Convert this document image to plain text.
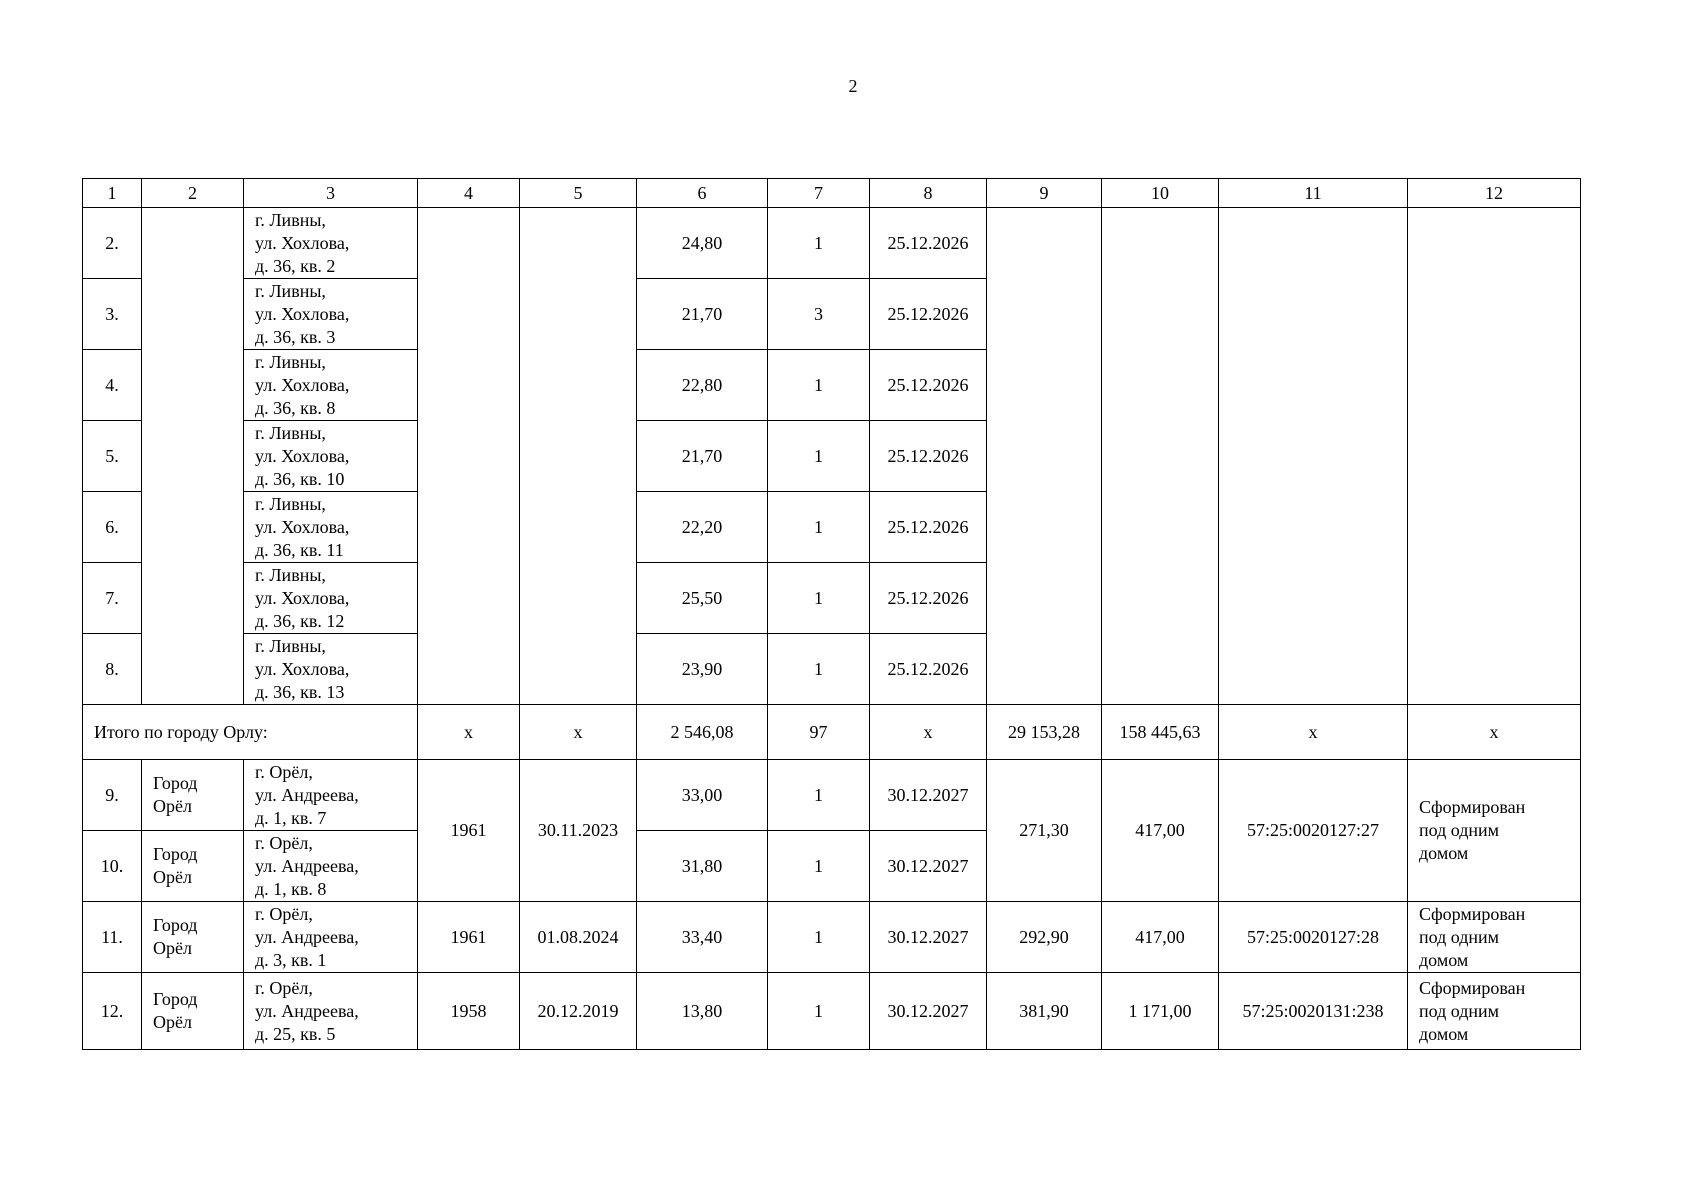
2
1	2	3	4	5	6	7	8	9	10	11	12
2.		г. Ливны,
ул. Хохлова,
д. 36, кв. 2			24,80	1	25.12.2026				
3.		г. Ливны,
ул. Хохлова,
д. 36, кв. 3			21,70	3	25.12.2026				
4.		г. Ливны,
ул. Хохлова,
д. 36, кв. 8			22,80	1	25.12.2026				
5.		г. Ливны,
ул. Хохлова,
д. 36, кв. 10			21,70	1	25.12.2026				
6.		г. Ливны,
ул. Хохлова,
д. 36, кв. 11			22,20	1	25.12.2026				
7.		г. Ливны,
ул. Хохлова,
д. 36, кв. 12			25,50	1	25.12.2026				
8.		г. Ливны,
ул. Хохлова,
д. 36, кв. 13			23,90	1	25.12.2026				
Итого по городу Орлу:			х	х	2 546,08	97	х	29 153,28	158 445,63	х	х
9.	Город
Орёл	г. Орёл,
ул. Андреева,
д. 1, кв. 7	1961	30.11.2023	33,00	1	30.12.2027	271,30	417,00	57:25:0020127:27	Сформирован
под одним
домом

10.	Город
Орёл	г. Орёл,
ул. Андреева,
д. 1, кв. 8			31,80	1	30.12.2027				
11.	Город
Орёл	г. Орёл,
ул. Андреева,
д. 3, кв. 1	1961	01.08.2024	33,40	1	30.12.2027	292,90	417,00	57:25:0020127:28	Сформирован
под одним
домом

12.	Город
Орёл	г. Орёл,
ул. Андреева,
д. 25, кв. 5	1958	20.12.2019	13,80	1	30.12.2027	381,90	1 171,00	57:25:0020131:238	Сформирован
под одним
домом
